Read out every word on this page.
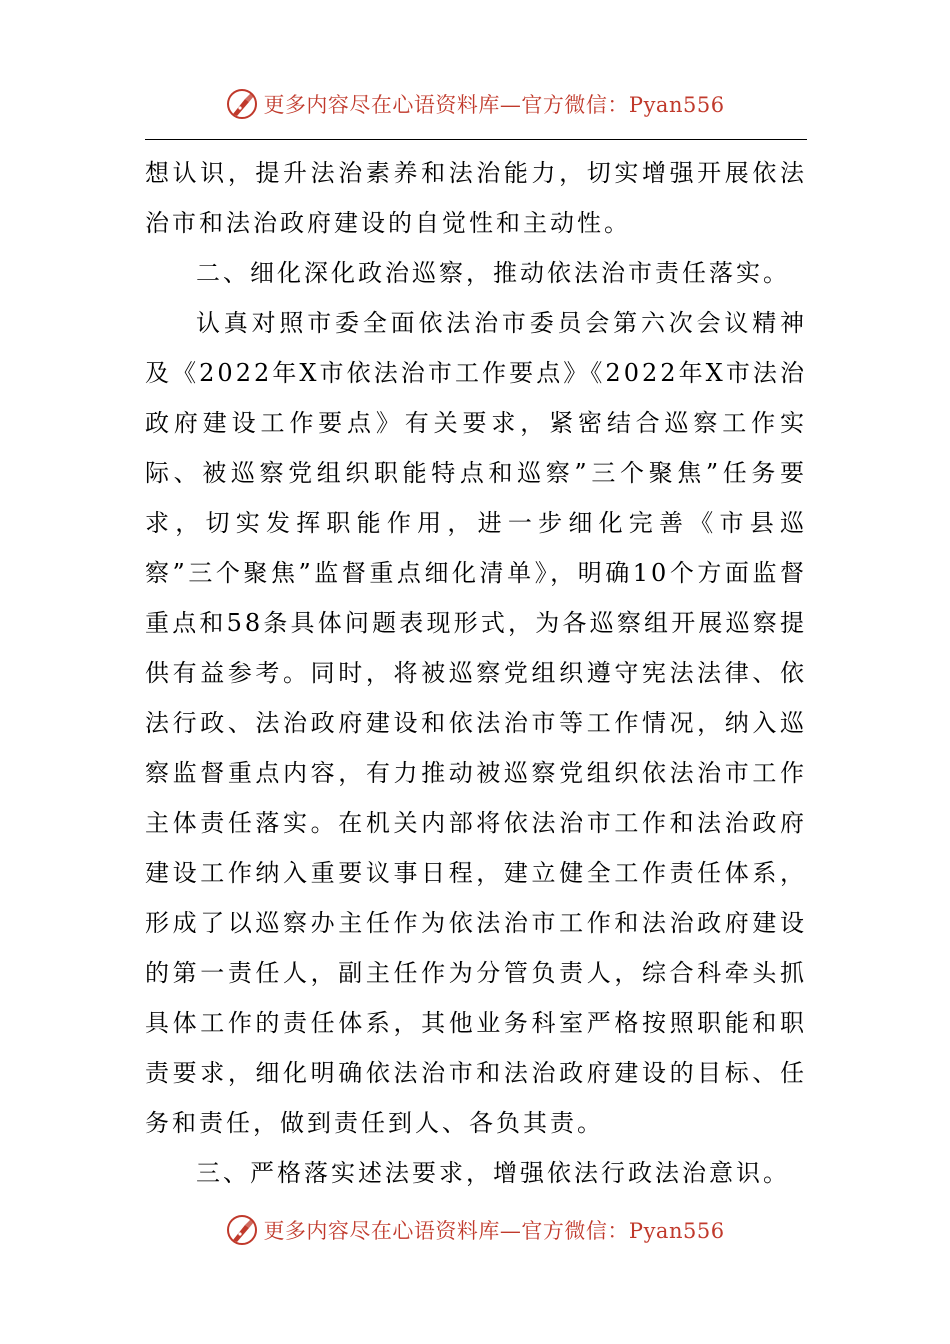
更多内容尽在心语资料库—官方微信：Pyan556

想认识，提升法治素养和法治能力，切实增强开展依法治市和法治政府建设的自觉性和主动性。

二、细化深化政治巡察，推动依法治市责任落实。

认真对照市委全面依法治市委员会第六次会议精神及《2022年X市依法治市工作要点》《2022年X市法治政府建设工作要点》有关要求，紧密结合巡察工作实际、被巡察党组织职能特点和巡察”三个聚焦”任务要求，切实发挥职能作用，进一步细化完善《市县巡察”三个聚焦”监督重点细化清单》，明确10个方面监督重点和58条具体问题表现形式，为各巡察组开展巡察提供有益参考。同时，将被巡察党组织遵守宪法法律、依法行政、法治政府建设和依法治市等工作情况，纳入巡察监督重点内容，有力推动被巡察党组织依法治市工作主体责任落实。在机关内部将依法治市工作和法治政府建设工作纳入重要议事日程，建立健全工作责任体系，形成了以巡察办主任作为依法治市工作和法治政府建设的第一责任人，副主任作为分管负责人，综合科牵头抓具体工作的责任体系，其他业务科室严格按照职能和职责要求，细化明确依法治市和法治政府建设的目标、任务和责任，做到责任到人、各负其责。

三、严格落实述法要求，增强依法行政法治意识。

更多内容尽在心语资料库—官方微信：Pyan556
